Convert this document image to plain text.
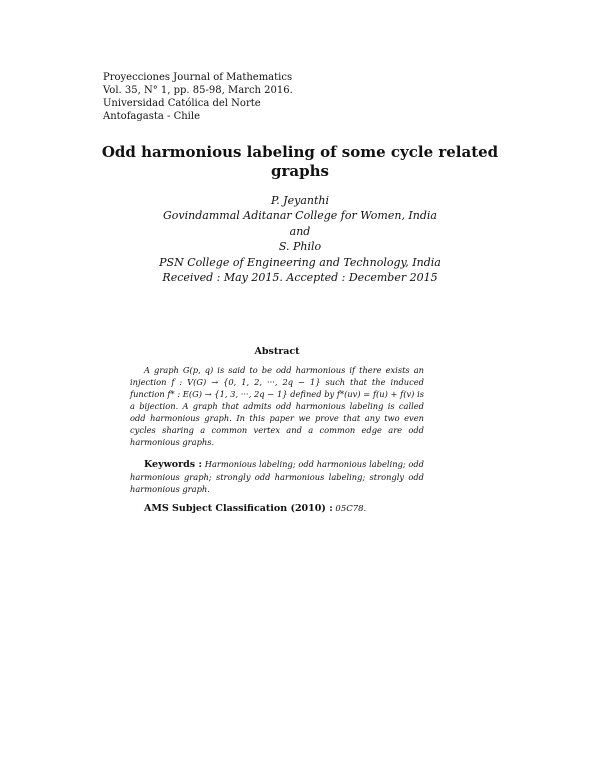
Proyecciones Journal of Mathematics
Vol. 35, N° 1, pp. 85-98, March 2016.
Universidad Católica del Norte
Antofagasta - Chile
Odd harmonious labeling of some cycle related graphs
P. Jeyanthi
Govindammal Aditanar College for Women, India
and
S. Philo
PSN College of Engineering and Technology, India
Received : May 2015. Accepted : December 2015
Abstract
A graph G(p, q) is said to be odd harmonious if there exists an injection f : V(G) → {0, 1, 2, ···, 2q − 1} such that the induced function f* : E(G) → {1, 3, ···, 2q − 1} defined by f*(uv) = f(u) + f(v) is a bijection. A graph that admits odd harmonious labeling is called odd harmonious graph. In this paper we prove that any two even cycles sharing a common vertex and a common edge are odd harmonious graphs.
Keywords : Harmonious labeling; odd harmonious labeling; odd harmonious graph; strongly odd harmonious labeling; strongly odd harmonious graph.
AMS Subject Classification (2010) : 05C78.
